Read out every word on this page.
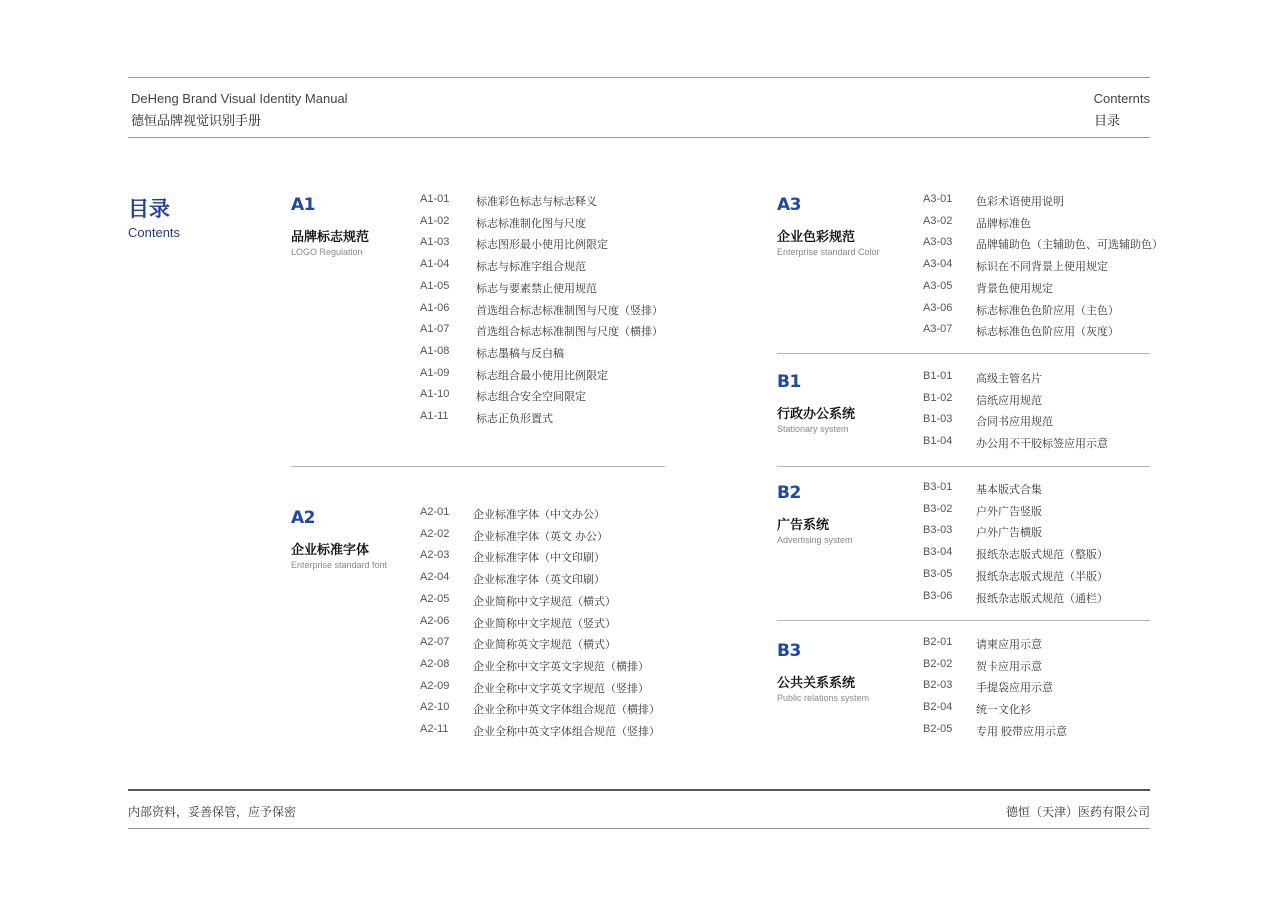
DeHeng Brand Visual Identity Manual
德恒品牌视觉识别手册
Conternts
目录
目录
Contents
A1
品牌标志规范
LOGO Regulation
A2
企业标准字体
Enterprise standard font
A3
企业色彩规范
Enterprise standard Color
B1
行政办公系统
Stationary system
B2
广告系统
Advertising system
B3
公共关系系统
Public relations system
内部资料，妥善保管，应予保密	德恒（天津）医药有限公司
A1-01 标准彩色标志与标志释义
A1-02 标志标准制化图与尺度
A1-03 标志图形最小使用比例限定
A1-04 标志与标准字组合规范
A1-05 标志与要素禁止使用规范
A1-06 首选组合标志标准制图与尺度（竖排）
A1-07 首选组合标志标准制图与尺度（横排）
A1-08 标志墨稿与反白稿
A1-09 标志组合最小使用比例限定
A1-10 标志组合安全空间限定
A1-11 标志正负形置式
A2-01 企业标准字体（中文办公）
A2-02 企业标准字体（英文 办公）
A2-03 企业标准字体（中文印刷）
A2-04 企业标准字体（英文印刷）
A2-05 企业简称中文字规范（横式）
A2-06 企业简称中文字规范（竖式）
A2-07 企业简称英文字规范（横式）
A2-08 企业全称中文字英文字规范（横排）
A2-09 企业全称中文字英文字规范（竖排）
A2-10 企业全称中英文字体组合规范（横排）
A2-11 企业全称中英文字体组合规范（竖排）
A3-01 色彩术语使用说明
A3-02 品牌标准色
A3-03 品牌辅助色（主辅助色、可选辅助色）
A3-04 标识在不同背景上使用规定
A3-05 背景色使用规定
A3-06 标志标准色色阶应用（主色）
A3-07 标志标准色色阶应用（灰度）
B1-01 高级主管名片
B1-02 信纸应用规范
B1-03 合同书应用规范
B1-04 办公用不干胶标签应用示意
B3-01 基本版式合集
B3-02 户外广告竖版
B3-03 户外广告横版
B3-04 报纸杂志版式规范（整版）
B3-05 报纸杂志版式规范（半版）
B3-06 报纸杂志版式规范（通栏）
B2-01 请柬应用示意
B2-02 贺卡应用示意
B2-03 手提袋应用示意
B2-04 统一文化衫
B2-05 专用 胶带应用示意
